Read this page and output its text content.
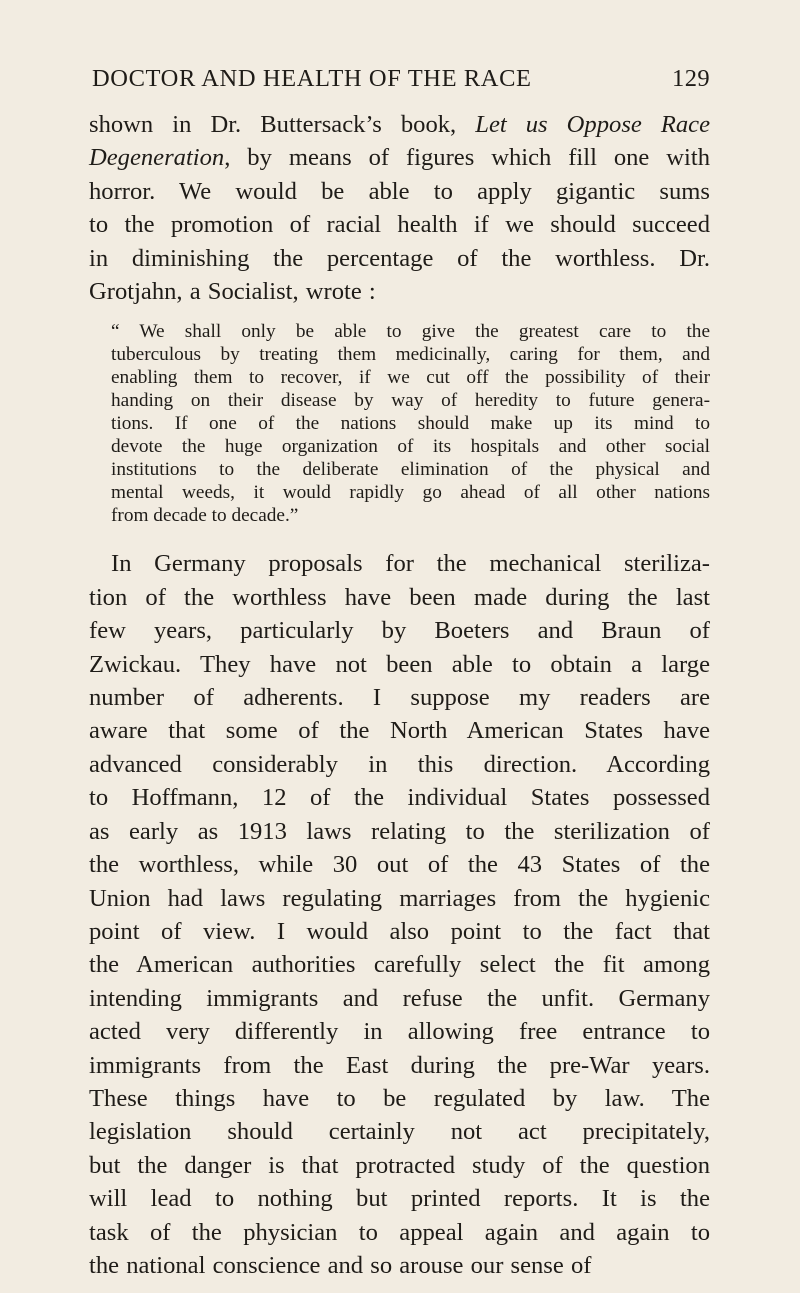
DOCTOR AND HEALTH OF THE RACE	129

shown in Dr. Buttersack’s book, Let us Oppose Race
Degeneration, by means of figures which fill one with
horror. We would be able to apply gigantic sums
to the promotion of racial health if we should succeed
in diminishing the percentage of the worthless. Dr.
Grotjahn, a Socialist, wrote :

“ We shall only be able to give the greatest care to the
tuberculous by treating them medicinally, caring for them, and
enabling them to recover, if we cut off the possibility of their
handing on their disease by way of heredity to future genera-
tions. If one of the nations should make up its mind to
devote the huge organization of its hospitals and other social
institutions to the deliberate elimination of the physical and
mental weeds, it would rapidly go ahead of all other nations
from decade to decade.”

In Germany proposals for the mechanical steriliza-
tion of the worthless have been made during the last
few years, particularly by Boeters and Braun of
Zwickau. They have not been able to obtain a large
number of adherents. I suppose my readers are
aware that some of the North American States have
advanced considerably in this direction. According
to Hoffmann, 12 of the individual States possessed
as early as 1913 laws relating to the sterilization of
the worthless, while 30 out of the 43 States of the
Union had laws regulating marriages from the hygienic
point of view. I would also point to the fact that
the American authorities carefully select the fit among
intending immigrants and refuse the unfit. Germany
acted very differently in allowing free entrance to
immigrants from the East during the pre-War years.
These things have to be regulated by law. The
legislation should certainly not act precipitately,
but the danger is that protracted study of the question
will lead to nothing but printed reports. It is the
task of the physician to appeal again and again to
the national conscience and so arouse our sense of
